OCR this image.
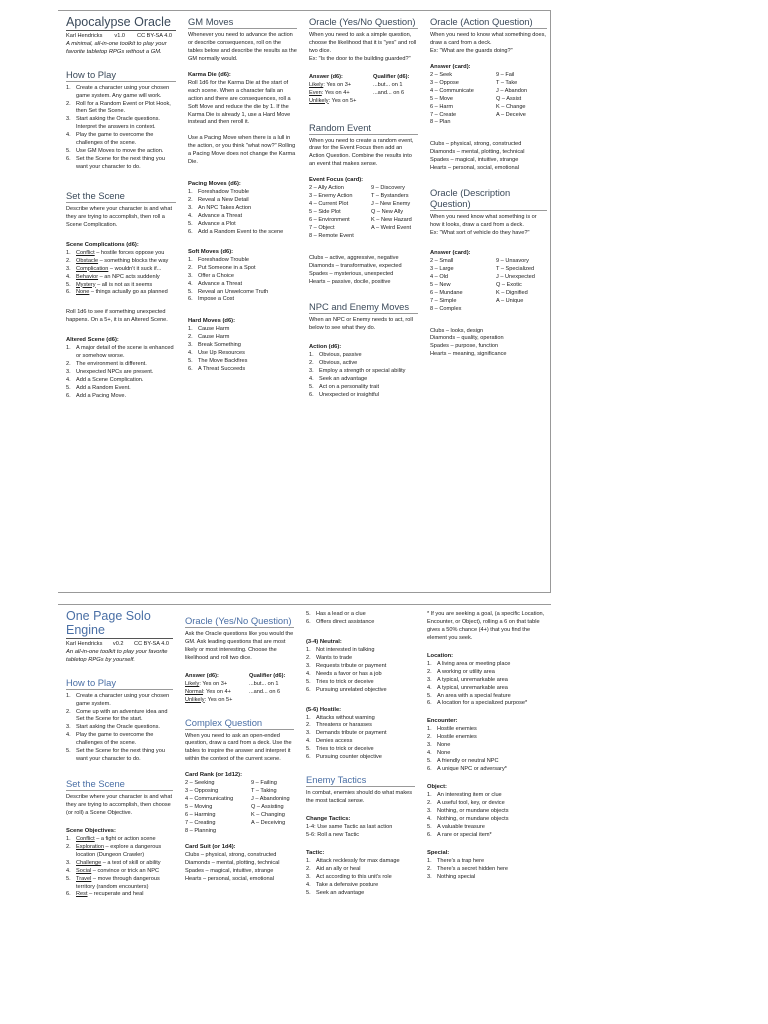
Apocalypse Oracle
Karl Hendricks v1.0 CC BY-SA 4.0
A minimal, all-in-one toolkit to play your favorite tabletop RPGs without a GM.
How to Play
1. Create a character using your chosen game system. Any game will work.
2. Roll for a Random Event or Plot Hook, then Set the Scene.
3. Start asking the Oracle questions. Interpret the answers in context.
4. Play the game to overcome the challenges of the scene.
5. Use GM Moves to move the action.
6. Set the Scene for the next thing you want your character to do.
Set the Scene
Describe where your character is and what they are trying to accomplish, then roll a Scene Complication.
Scene Complications (d6):
1. Conflict – hostile forces oppose you
2. Obstacle – something blocks the way
3. Complication – wouldn't it suck if...
4. Behavior – an NPC acts suddenly
5. Mystery – all is not as it seems
6. None – things actually go as planned
Roll 1d6 to see if something unexpected happens. On a 5+, it is an Altered Scene.
Altered Scene (d6):
1. A major detail of the scene is enhanced or somehow worse.
2. The environment is different.
3. Unexpected NPCs are present.
4. Add a Scene Complication.
5. Add a Random Event.
6. Add a Pacing Move.
GM Moves
Whenever you need to advance the action or describe consequences, roll on the tables below and describe the results as the GM normally would.
Karma Die (d6):
Roll 1d6 for the Karma Die at the start of each scene. When a character fails an action and there are consequences, roll a Soft Move and reduce the die by 1. If the Karma Die is already 1, use a Hard Move instead and then reroll it.
Use a Pacing Move when there is a lull in the action, or you think "what now?" Rolling a Pacing Move does not change the Karma Die.
Pacing Moves (d6):
1. Foreshadow Trouble
2. Reveal a New Detail
3. An NPC Takes Action
4. Advance a Threat
5. Advance a Plot
6. Add a Random Event to the scene
Soft Moves (d6):
1. Foreshadow Trouble
2. Put Someone in a Spot
3. Offer a Choice
4. Advance a Threat
5. Reveal an Unwelcome Truth
6. Impose a Cost
Hard Moves (d6):
1. Cause Harm
2. Cause Harm
3. Break Something
4. Use Up Resources
5. The Move Backfires
6. A Threat Succeeds
Oracle (Yes/No Question)
When you need to ask a simple question, choose the likelihood that it is "yes" and roll two dice.
Ex: "Is the door to the building guarded?"
Answer (d6):	Qualifier (d6):
Likely: Yes on 3+	...but... on 1
Even: Yes on 4+	...and... on 6
Unlikely: Yes on 5+
Random Event
When you need to create a random event, draw for the Event Focus then add an Action Question. Combine the results into an event that makes sense.
Event Focus (card):
2 – Ally Action	9 – Discovery
3 – Enemy Action	T – Bystanders
4 – Current Plot	J – New Enemy
5 – Side Plot	Q – New Ally
6 – Environment	K – New Hazard
7 – Object	A – Weird Event
8 – Remote Event
Clubs – active, aggressive, negative
Diamonds – transformative, expected
Spades – mysterious, unexpected
Hearts – passive, docile, positive
NPC and Enemy Moves
When an NPC or Enemy needs to act, roll below to see what they do.
Action (d6):
1. Obvious, passive
2. Obvious, active
3. Employ a strength or special ability
4. Seek an advantage
5. Act on a personality trait
6. Unexpected or insightful
Oracle (Action Question)
When you need to know what something does, draw a card from a deck.
Ex: "What are the guards doing?"
Answer (card):
2 – Seek	9 – Fail
3 – Oppose	T – Take
4 – Communicate	J – Abandon
5 – Move	Q – Assist
6 – Harm	K – Change
7 – Create	A – Deceive
8 – Plan
Clubs – physical, strong, constructed
Diamonds – mental, plotting, technical
Spades – magical, intuitive, strange
Hearts – personal, social, emotional
Oracle (Description Question)
When you need know what something is or how it looks, draw a card from a deck.
Ex: "What sort of vehicle do they have?"
Answer (card):
2 – Small	9 – Unsavory
3 – Large	T – Specialized
4 – Old	J – Unexpected
5 – New	Q – Exotic
6 – Mundane	K – Dignified
7 – Simple	A – Unique
8 – Complex
Clubs – looks, design
Diamonds – quality, operation
Spades – purpose, function
Hearts – meaning, significance
One Page Solo Engine
Karl Hendricks v0.2 CC BY-SA 4.0
An all-in-one toolkit to play your favorite tabletop RPGs by yourself.
How to Play
1. Create a character using your chosen game system.
2. Come up with an adventure idea and Set the Scene for the start.
3. Start asking the Oracle questions.
4. Play the game to overcome the challenges of the scene.
5. Set the Scene for the next thing you want your character to do.
Set the Scene
Describe where your character is and what they are trying to accomplish, then choose (or roll) a Scene Objective.
Scene Objectives:
1. Conflict – a fight or action scene
2. Exploration – explore a dangerous location (Dungeon Crawler)
3. Challenge – a test of skill or ability
4. Social – convince or trick an NPC
5. Travel – move through dangerous territory (random encounters)
6. Rest – recuperate and heal
Oracle (Yes/No Question)
Ask the Oracle questions like you would the GM. Ask leading questions that are most likely or most interesting. Choose the likelihood and roll two dice.
Answer (d6):	Qualifier (d6):
Likely: Yes on 3+	...but... on 1
Normal: Yes on 4+	...and... on 6
Unlikely: Yes on 5+
Complex Question
When you need to ask an open-ended question, draw a card from a deck. Use the tables to inspire the answer and interpret it within the context of the current scene.
Card Rank (or 1d12):
2 – Seeking	9 – Failing
3 – Opposing	T – Taking
4 – Communicating	J – Abandoning
5 – Moving	Q – Assisting
6 – Harming	K – Changing
7 – Creating	A – Deceiving
8 – Planning
Card Suit (or 1d4):
Clubs – physical, strong, constructed
Diamonds – mental, plotting, technical
Spades – magical, intuitive, strange
Hearts – personal, social, emotional
5. Has a lead or a clue
6. Offers direct assistance
(3-4) Neutral:
1. Not interested in talking
2. Wants to trade
3. Requests tribute or payment
4. Needs a favor or has a job
5. Tries to trick or deceive
6. Pursuing unrelated objective
(5-6) Hostile:
1. Attacks without warning
2. Threatens or harasses
3. Demands tribute or payment
4. Denies access
5. Tries to trick or deceive
6. Pursuing counter objective
Enemy Tactics
In combat, enemies should do what makes the most tactical sense.
Change Tactics:
1-4: Use same Tactic as last action
5-6: Roll a new Tactic
Tactic:
1. Attack recklessly for max damage
2. Aid an ally or heal
3. Act according to this unit's role
4. Take a defensive posture
5. Seek an advantage
* If you are seeking a goal, (a specific Location, Encounter, or Object), rolling a 6 on that table gives a 50% chance (4+) that you find the element you seek.
Location:
1. A living area or meeting place
2. A working or utility area
3. A typical, unremarkable area
4. A typical, unremarkable area
5. An area with a special feature
6. A location for a specialized purpose*
Encounter:
1. Hostile enemies
2. Hostile enemies
3. None
4. None
5. A friendly or neutral NPC
6. A unique NPC or adversary*
Object:
1. An interesting item or clue
2. A useful tool, key, or device
3. Nothing, or mundane objects
4. Nothing, or mundane objects
5. A valuable treasure
6. A rare or special item*
Special:
1. There's a trap here
2. There's a secret hidden here
3. Nothing special
